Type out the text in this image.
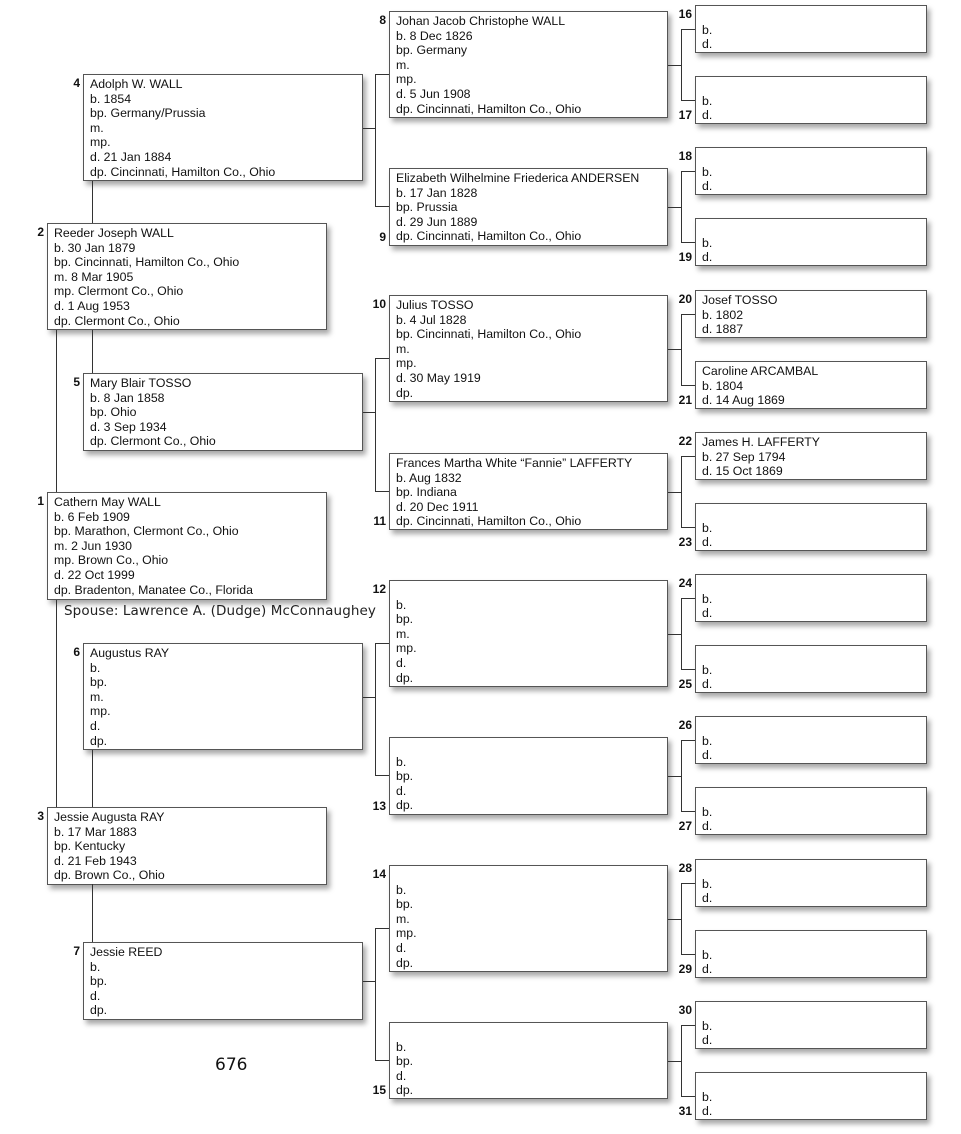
Cathern May WALL
b. 6 Feb 1909
bp. Marathon, Clermont Co., Ohio
m. 2 Jun 1930
mp. Brown Co., Ohio
d. 22 Oct 1999
dp. Bradenton, Manatee Co., Florida
1
Reeder Joseph WALL
b. 30 Jan 1879
bp. Cincinnati, Hamilton Co., Ohio
m. 8 Mar 1905
mp. Clermont Co., Ohio
d. 1 Aug 1953
dp. Clermont Co., Ohio
2
Jessie Augusta RAY
b. 17 Mar 1883
bp. Kentucky
d. 21 Feb 1943
dp. Brown Co., Ohio
3
Adolph W. WALL
b. 1854
bp. Germany/Prussia
m.
mp.
d. 21 Jan 1884
dp. Cincinnati, Hamilton Co., Ohio
4
Mary Blair TOSSO
b. 8 Jan 1858
bp. Ohio
d. 3 Sep 1934
dp. Clermont Co., Ohio
5
Augustus RAY
b.
bp.
m.
mp.
d.
dp.
6
Jessie REED
b.
bp.
d.
dp.
7
Johan Jacob Christophe WALL
b. 8 Dec 1826
bp. Germany
m.
mp.
d. 5 Jun 1908
dp. Cincinnati, Hamilton Co., Ohio
8
Elizabeth Wilhelmine Friederica ANDERSEN
b. 17 Jan 1828
bp. Prussia
d. 29 Jun 1889
dp. Cincinnati, Hamilton Co., Ohio
9
Julius TOSSO
b. 4 Jul 1828
bp. Cincinnati, Hamilton Co., Ohio
m.
mp.
d. 30 May 1919
dp.
10
Frances Martha White “Fannie” LAFFERTY
b. Aug 1832
bp. Indiana
d. 20 Dec 1911
dp. Cincinnati, Hamilton Co., Ohio
11

b.
bp.
m.
mp.
d.
dp.
12

b.
bp.
d.
dp.
13

b.
bp.
m.
mp.
d.
dp.
14

b.
bp.
d.
dp.
15

b.
d.
16

b.
d.
17

b.
d.
18

b.
d.
19
Josef TOSSO
b. 1802
d. 1887
20
Caroline ARCAMBAL
b. 1804
d. 14 Aug 1869
21
James H. LAFFERTY
b. 27 Sep 1794
d. 15 Oct 1869
22

b.
d.
23

b.
d.
24

b.
d.
25

b.
d.
26

b.
d.
27

b.
d.
28

b.
d.
29

b.
d.
30

b.
d.
31
Spouse: Lawrence A. (Dudge) McConnaughey
676
